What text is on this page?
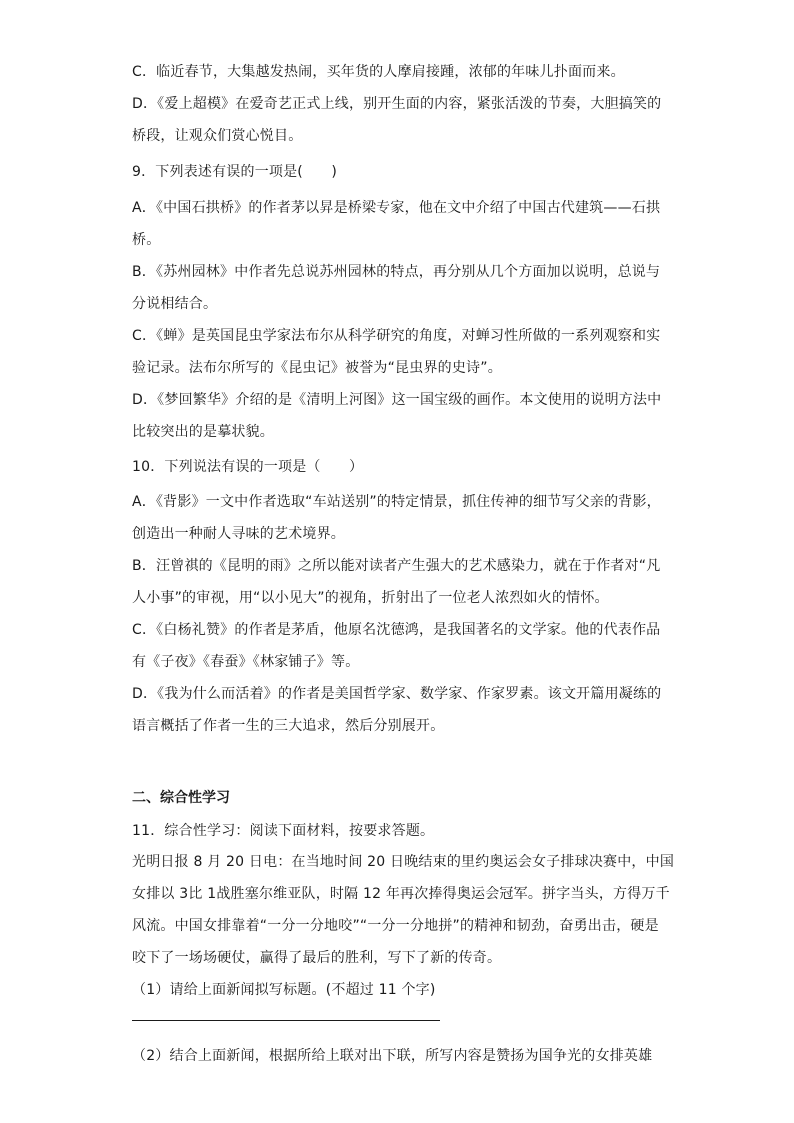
C．临近春节，大集越发热闹，买年货的人摩肩接踵，浓郁的年味儿扑面而来。
D．《爱上超模》在爱奇艺正式上线，别开生面的内容，紧张活泼的节奏，大胆搞笑的
桥段，让观众们赏心悦目。
9．下列表述有误的一项是(　　)
A．《中国石拱桥》的作者茅以昇是桥梁专家，他在文中介绍了中国古代建筑——石拱
桥。
B．《苏州园林》中作者先总说苏州园林的特点，再分别从几个方面加以说明，总说与
分说相结合。
C．《蝉》是英国昆虫学家法布尔从科学研究的角度，对蝉习性所做的一系列观察和实
验记录。法布尔所写的《昆虫记》被誉为“昆虫界的史诗”。
D．《梦回繁华》介绍的是《清明上河图》这一国宝级的画作。本文使用的说明方法中
比较突出的是摹状貌。
10．下列说法有误的一项是（　　）
A．《背影》一文中作者选取“车站送别”的特定情景，抓住传神的细节写父亲的背影，
创造出一种耐人寻味的艺术境界。
B．汪曾祺的《昆明的雨》之所以能对读者产生强大的艺术感染力，就在于作者对“凡
人小事”的审视，用“以小见大”的视角，折射出了一位老人浓烈如火的情怀。
C．《白杨礼赞》的作者是茅盾，他原名沈德鸿，是我国著名的文学家。他的代表作品
有《子夜》《春蚕》《林家铺子》等。
D．《我为什么而活着》的作者是美国哲学家、数学家、作家罗素。该文开篇用凝练的
语言概括了作者一生的三大追求，然后分别展开。
二、综合性学习
11．综合性学习：阅读下面材料，按要求答题。
光明日报 8 月 20 日电：在当地时间 20 日晚结束的里约奥运会女子排球决赛中，中国
女排以 3比 1战胜塞尔维亚队，时隔 12 年再次捧得奥运会冠军。拼字当头，方得万千
风流。中国女排靠着“一分一分地咬”“一分一分地拼”的精神和韧劲，奋勇出击，硬是
咬下了一场场硬仗，赢得了最后的胜利，写下了新的传奇。
（1）请给上面新闻拟写标题。(不超过 11 个字)
（2）结合上面新闻，根据所给上联对出下联，所写内容是赞扬为国争光的女排英雄
